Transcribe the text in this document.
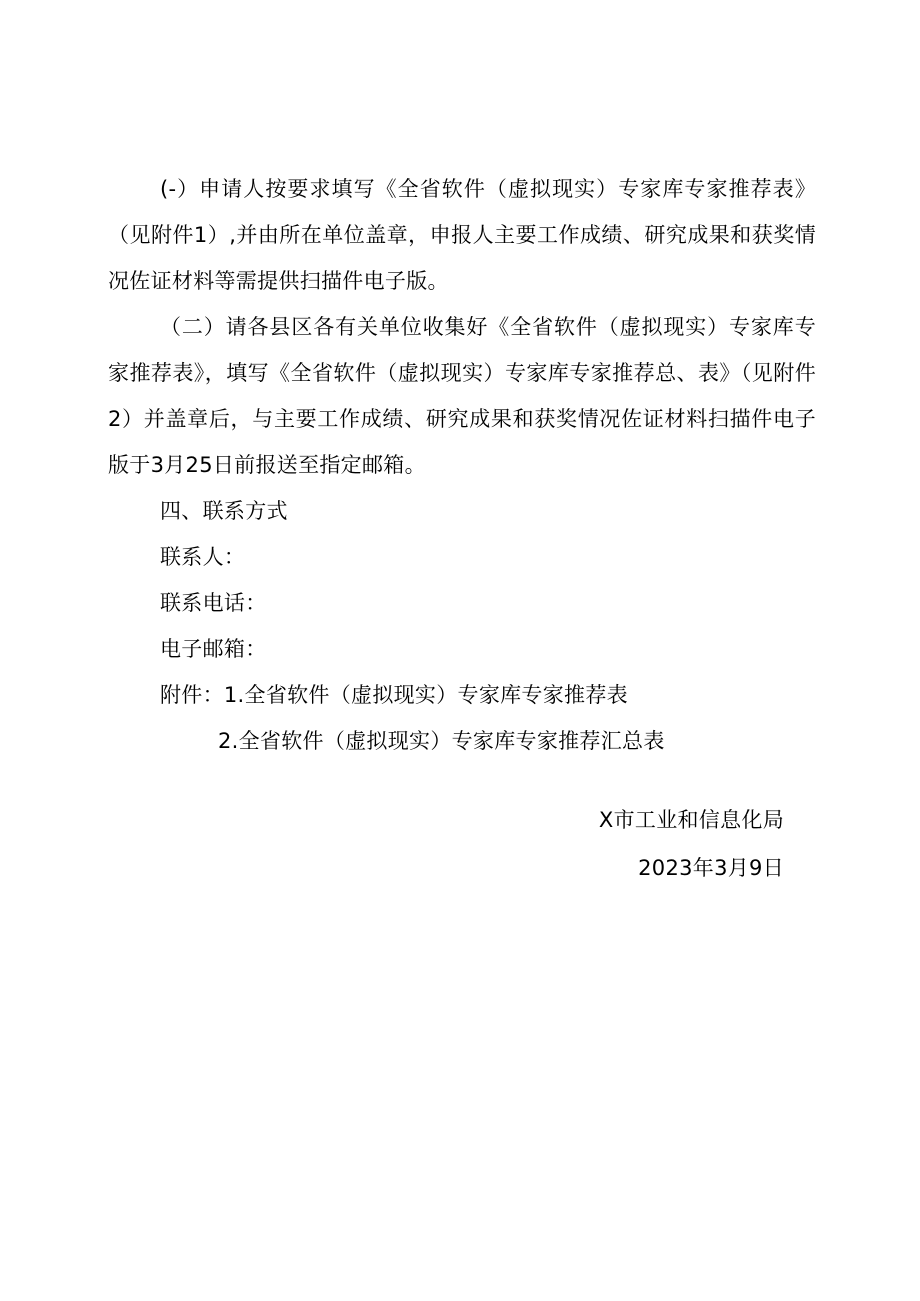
(-）申请人按要求填写《全省软件（虚拟现实）专家库专家推荐表》（见附件1）,并由所在单位盖章，申报人主要工作成绩、研究成果和获奖情况佐证材料等需提供扫描件电子版。

（二）请各县区各有关单位收集好《全省软件（虚拟现实）专家库专家推荐表》，填写《全省软件（虚拟现实）专家库专家推荐总、表》（见附件2）并盖章后，与主要工作成绩、研究成果和获奖情况佐证材料扫描件电子版于3月25日前报送至指定邮箱。

四、联系方式

联系人：

联系电话：

电子邮箱：

附件：1.全省软件（虚拟现实）专家库专家推荐表

2.全省软件（虚拟现实）专家库专家推荐汇总表

X市工业和信息化局
2023年3月9日
